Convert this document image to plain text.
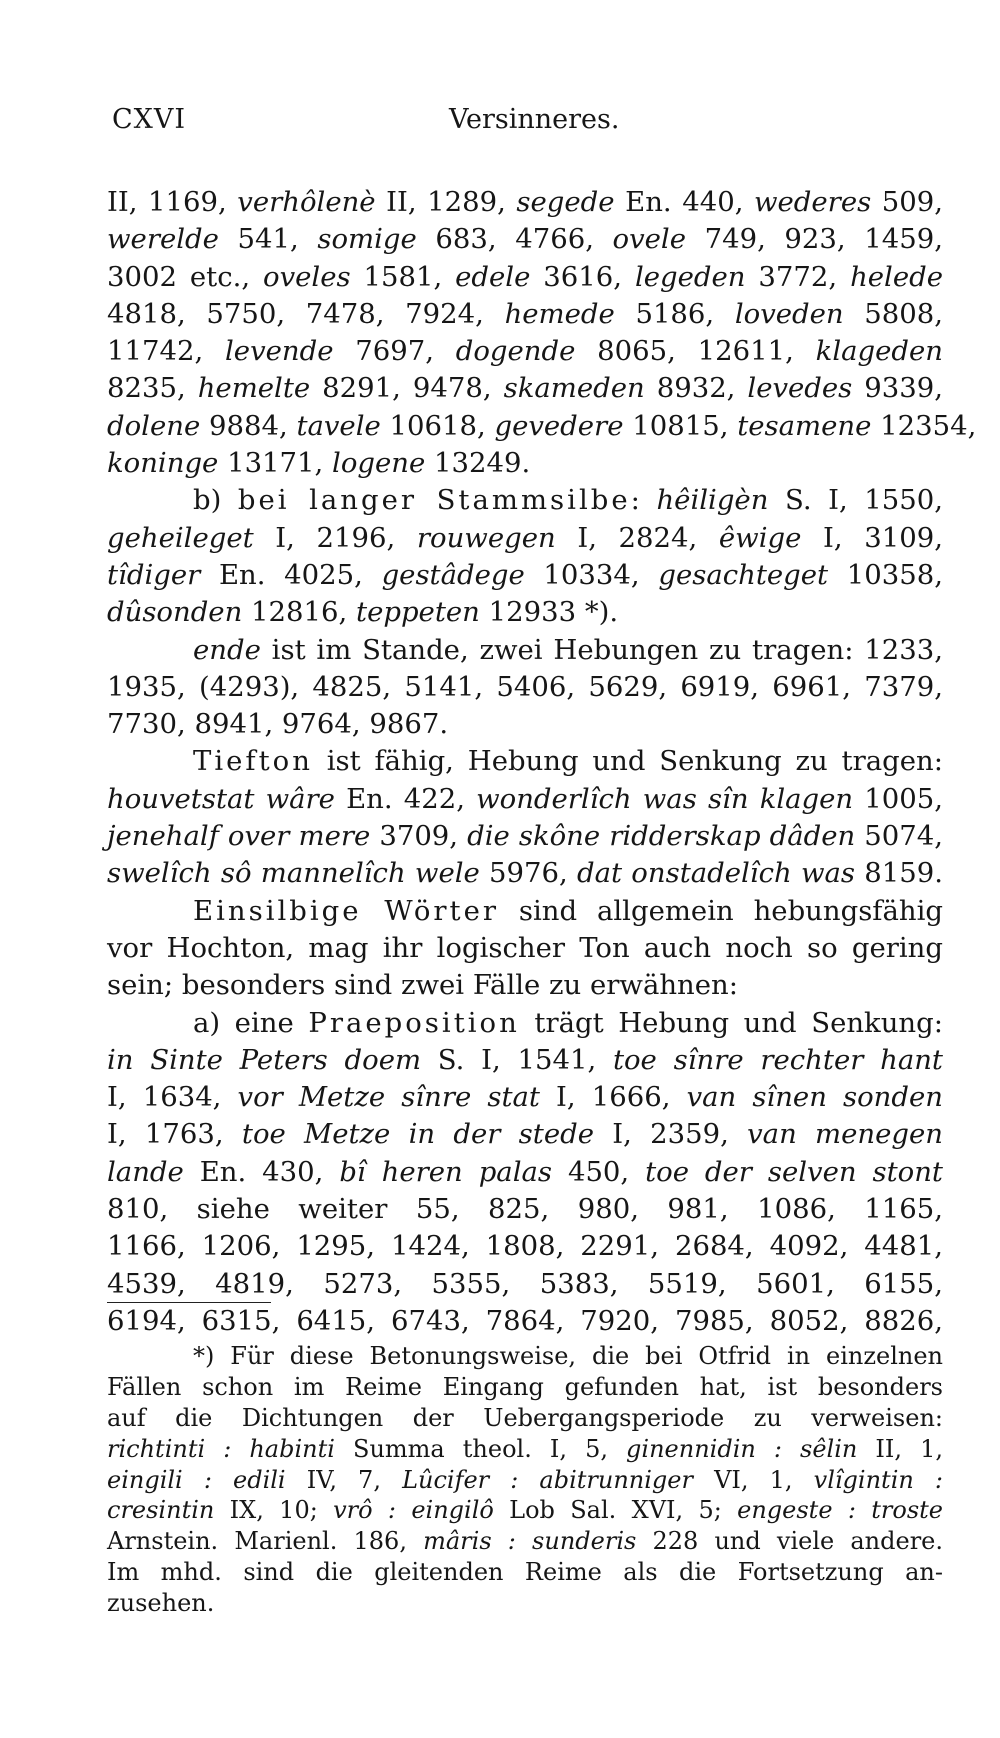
CXVI	Versinneres.
II, 1169, verhôlenè II, 1289, segede En. 440, wederes 509,
werelde 541, somige 683, 4766, ovele 749, 923, 1459,
3002 etc., oveles 1581, edele 3616, legeden 3772, helede
4818, 5750, 7478, 7924, hemede 5186, loveden 5808,
11742, levende 7697, dogende 8065, 12611, klageden
8235, hemelte 8291, 9478, skameden 8932, levedes 9339,
dolene 9884, tavele 10618, gevedere 10815, tesamene 12354,
koninge 13171, logene 13249.
b) bei langer Stammsilbe: hêiligèn S. I, 1550,
geheileget I, 2196, rouwegen I, 2824, êwige I, 3109,
tîdiger En. 4025, gestâdege 10334, gesachteget 10358,
dûsonden 12816, teppeten 12933 *).
ende ist im Stande, zwei Hebungen zu tragen: 1233,
1935, (4293), 4825, 5141, 5406, 5629, 6919, 6961, 7379,
7730, 8941, 9764, 9867.
Tiefton ist fähig, Hebung und Senkung zu tragen:
houvetstat wâre En. 422, wonderlîch was sîn klagen 1005,
jenehalf over mere 3709, die skône ridderskap dâden 5074,
swelîch sô mannelîch wele 5976, dat onstadelîch was 8159.
Einsilbige Wörter sind allgemein hebungsfähig
vor Hochton, mag ihr logischer Ton auch noch so gering
sein; besonders sind zwei Fälle zu erwähnen:
a) eine Praeposition trägt Hebung und Senkung:
in Sinte Peters doem S. I, 1541, toe sînre rechter hant
I, 1634, vor Metze sînre stat I, 1666, van sînen sonden
I, 1763, toe Metze in der stede I, 2359, van menegen
lande En. 430, bî heren palas 450, toe der selven stont
810, siehe weiter 55, 825, 980, 981, 1086, 1165,
1166, 1206, 1295, 1424, 1808, 2291, 2684, 4092, 4481,
4539, 4819, 5273, 5355, 5383, 5519, 5601, 6155,
6194, 6315, 6415, 6743, 7864, 7920, 7985, 8052, 8826,
*) Für diese Betonungsweise, die bei Otfrid in einzelnen
Fällen schon im Reime Eingang gefunden hat, ist besonders
auf die Dichtungen der Uebergangsperiode zu verweisen:
richtinti : habinti Summa theol. I, 5, ginennidin : sêlin II, 1,
eingili : edili IV, 7, Lûcifer : abitrunniger VI, 1, vlîgintin :
cresintin IX, 10; vrô : eingilô Lob Sal. XVI, 5; engeste : troste
Arnstein. Marienl. 186, mâris : sunderis 228 und viele andere.
Im mhd. sind die gleitenden Reime als die Fortsetzung an-
zusehen.
